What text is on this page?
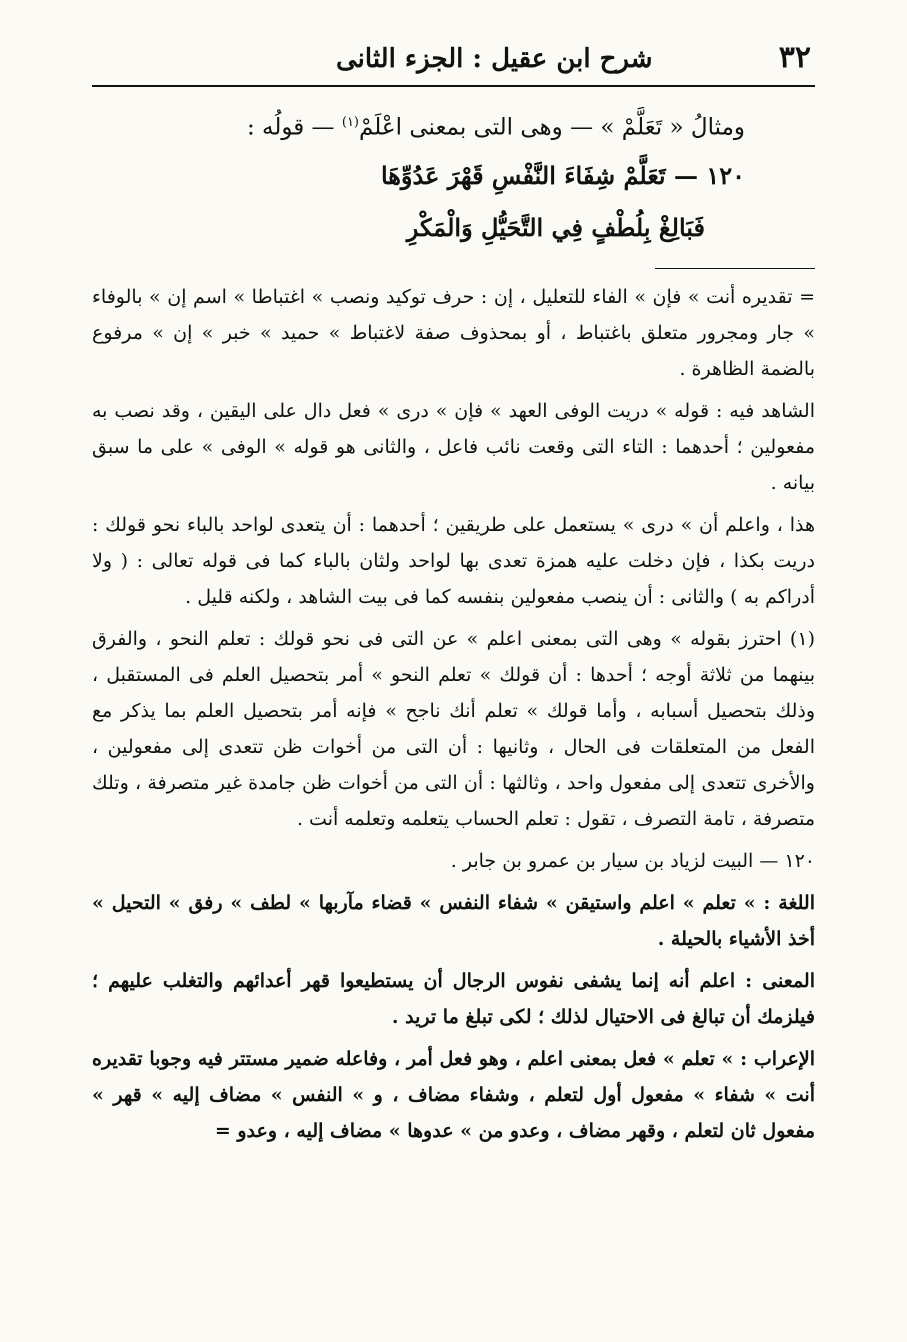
٣٢
شرح ابن عقيل : الجزء الثانى

ومثالُ « تَعَلَّمْ » — وهى التى بمعنى اعْلَمْ$^{(١)}$ — قولُه :

١٢٠ — تَعَلَّمْ شِفَاءَ النَّفْسِ قَهْرَ عَدُوِّهَا
فَبَالِغْ بِلُطْفٍ فِي التَّحَيُّلِ وَالْمَكْرِ

= تقديره أنت » فإن » الفاء للتعليل ، إن : حرف توكيد ونصب » اغتباطا » اسم إن » بالوفاء » جار ومجرور متعلق باغتباط ، أو بمحذوف صفة لاغتباط » حميد » خبر » إن » مرفوع بالضمة الظاهرة .

الشاهد فيه : قوله » دريت الوفى العهد » فإن » درى » فعل دال على اليقين ، وقد نصب به مفعولين ؛ أحدهما : التاء التى وقعت نائب فاعل ، والثانى هو قوله » الوفى » على ما سبق بيانه .

هذا ، واعلم أن » درى » يستعمل على طريقين ؛ أحدهما : أن يتعدى لواحد بالباء نحو قولك : دريت بكذا ، فإن دخلت عليه همزة تعدى بها لواحد ولثان بالباء كما فى قوله تعالى : ( ولا أدراكم به ) والثانى : أن ينصب مفعولين بنفسه كما فى بيت الشاهد ، ولكنه قليل .

(١) احترز بقوله » وهى التى بمعنى اعلم » عن التى فى نحو قولك : تعلم النحو ، والفرق بينهما من ثلاثة أوجه ؛ أحدها : أن قولك » تعلم النحو » أمر بتحصيل العلم فى المستقبل ، وذلك بتحصيل أسبابه ، وأما قولك » تعلم أنك ناجح » فإنه أمر بتحصيل العلم بما يذكر مع الفعل من المتعلقات فى الحال ، وثانيها : أن التى من أخوات ظن تتعدى إلى مفعولين ، والأخرى تتعدى إلى مفعول واحد ، وثالثها : أن التى من أخوات ظن جامدة غير متصرفة ، وتلك متصرفة ، تامة التصرف ، تقول : تعلم الحساب يتعلمه وتعلمه أنت .

١٢٠ — البيت لزياد بن سيار بن عمرو بن جابر .

اللغة : » تعلم » اعلم واستيقن » شفاء النفس » قضاء مآربها » لطف » رفق » التحيل » أخذ الأشياء بالحيلة .

المعنى : اعلم أنه إنما يشفى نفوس الرجال أن يستطيعوا قهر أعدائهم والتغلب عليهم ؛ فيلزمك أن تبالغ فى الاحتيال لذلك ؛ لكى تبلغ ما تريد .

الإعراب : » تعلم » فعل بمعنى اعلم ، وهو فعل أمر ، وفاعله ضمير مستتر فيه وجوبا تقديره أنت » شفاء » مفعول أول لتعلم ، وشفاء مضاف ، و » النفس » مضاف إليه » قهر » مفعول ثان لتعلم ، وقهر مضاف ، وعدو من » عدوها » مضاف إليه ، وعدو =
